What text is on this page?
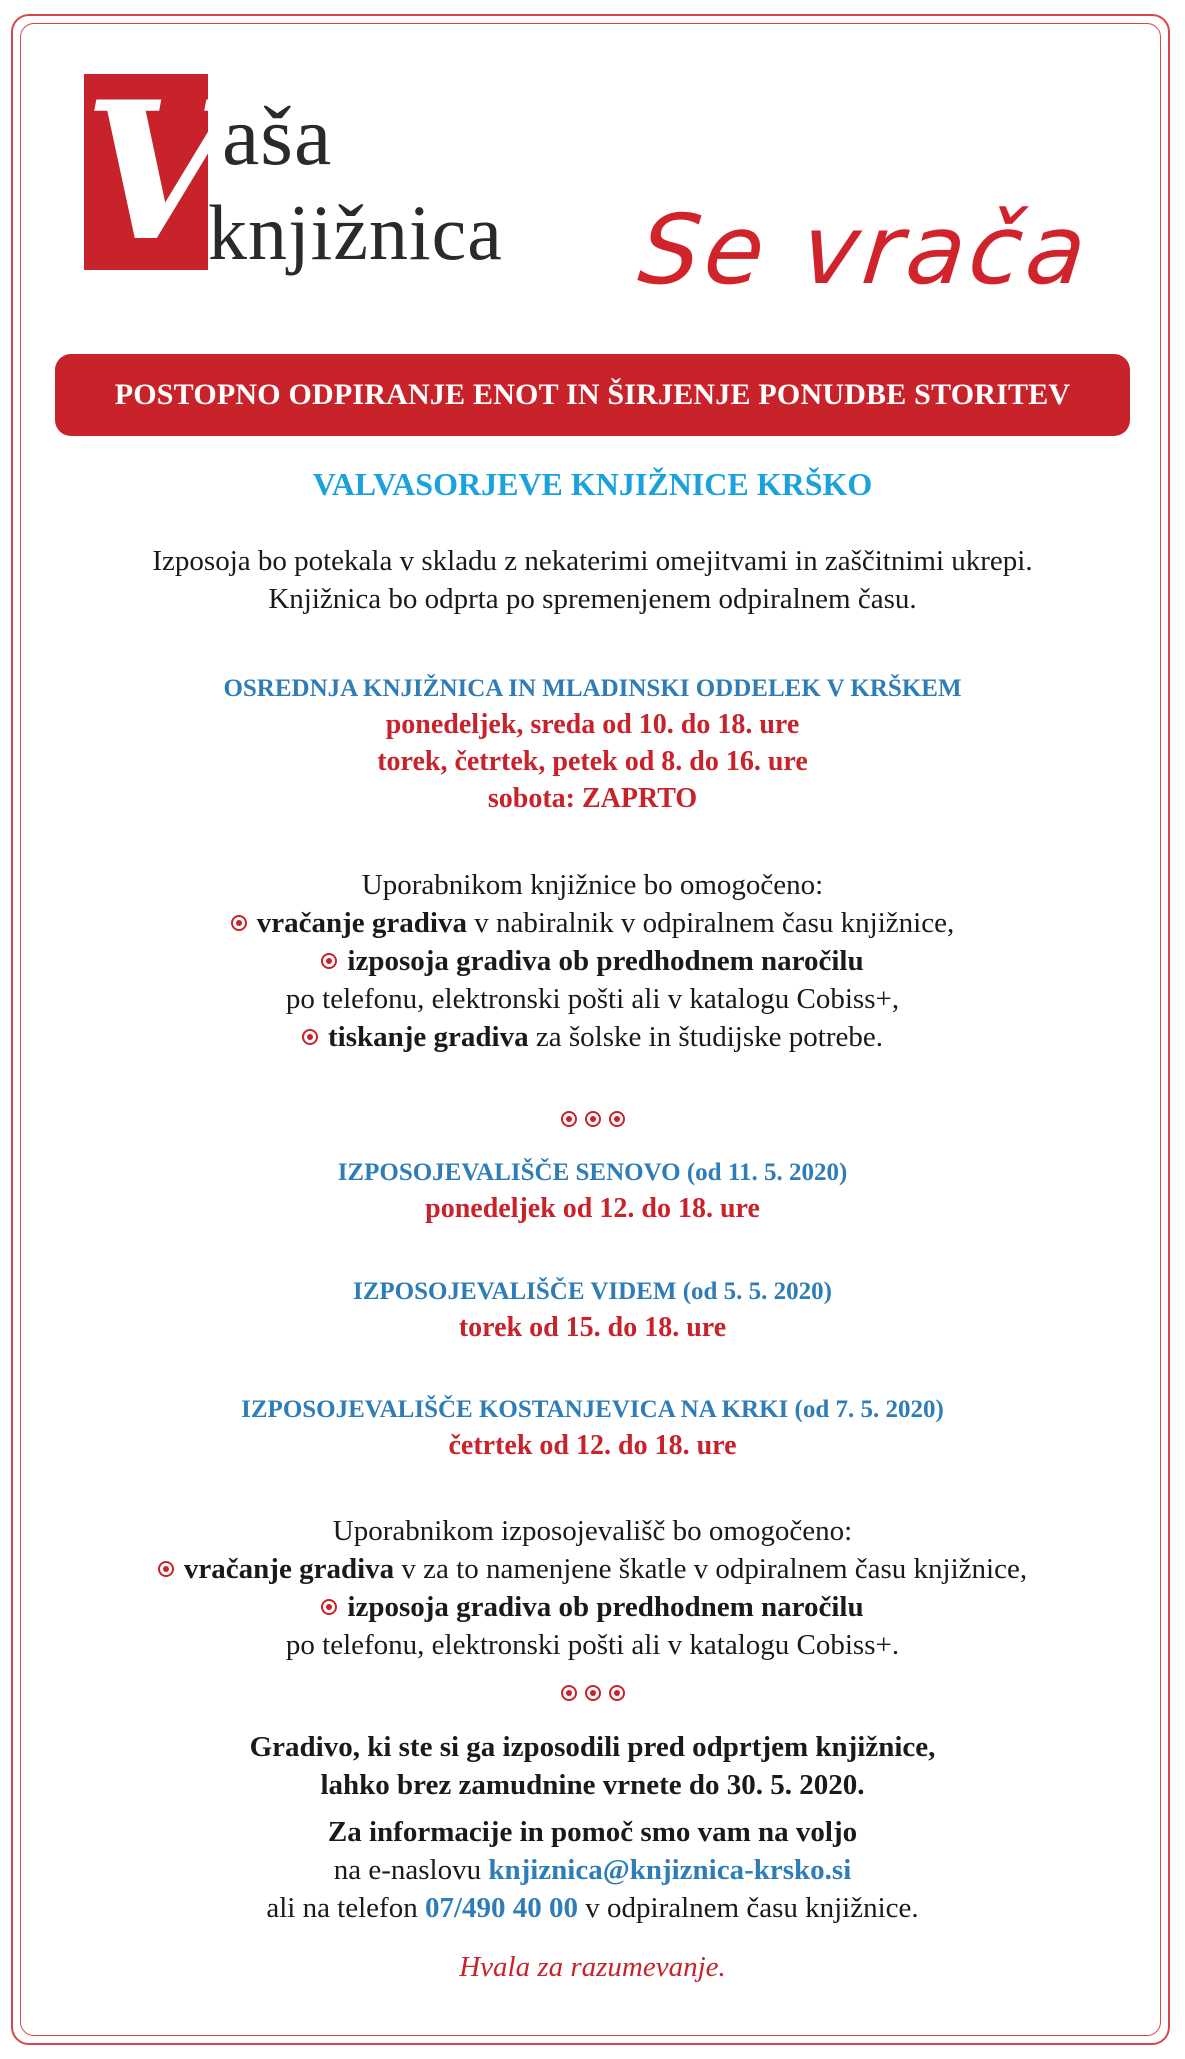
V
aša
knjižnica Se vrača
POSTOPNO ODPIRANJE ENOT IN ŠIRJENJE PONUDBE STORITEV
VALVASORJEVE KNJIŽNICE KRŠKO
Izposoja bo potekala v skladu z nekaterimi omejitvami in zaščitnimi ukrepi.
Knjižnica bo odprta po spremenjenem odpiralnem času.
OSREDNJA KNJIŽNICA IN MLADINSKI ODDELEK V KRŠKEM
ponedeljek, sreda od 10. do 18. ure
torek, četrtek, petek od 8. do 16. ure
sobota: ZAPRTO
Uporabnikom knjižnice bo omogočeno:
vračanje gradiva v nabiralnik v odpiralnem času knjižnice,
izposoja gradiva ob predhodnem naročilu
po telefonu, elektronski pošti ali v katalogu Cobiss+,
tiskanje gradiva za šolske in študijske potrebe.
IZPOSOJEVALIŠČE SENOVO (od 11. 5. 2020)
ponedeljek od 12. do 18. ure
IZPOSOJEVALIŠČE VIDEM (od 5. 5. 2020)
torek od 15. do 18. ure
IZPOSOJEVALIŠČE KOSTANJEVICA NA KRKI (od 7. 5. 2020)
četrtek od 12. do 18. ure
Uporabnikom izposojevališč bo omogočeno:
vračanje gradiva v za to namenjene škatle v odpiralnem času knjižnice,
izposoja gradiva ob predhodnem naročilu
po telefonu, elektronski pošti ali v katalogu Cobiss+.
Gradivo, ki ste si ga izposodili pred odprtjem knjižnice,
lahko brez zamudnine vrnete do 30. 5. 2020.
Za informacije in pomoč smo vam na voljo
na e-naslovu knjiznica@knjiznica-krsko.si
ali na telefon 07/490 40 00 v odpiralnem času knjižnice.
Hvala za razumevanje.
